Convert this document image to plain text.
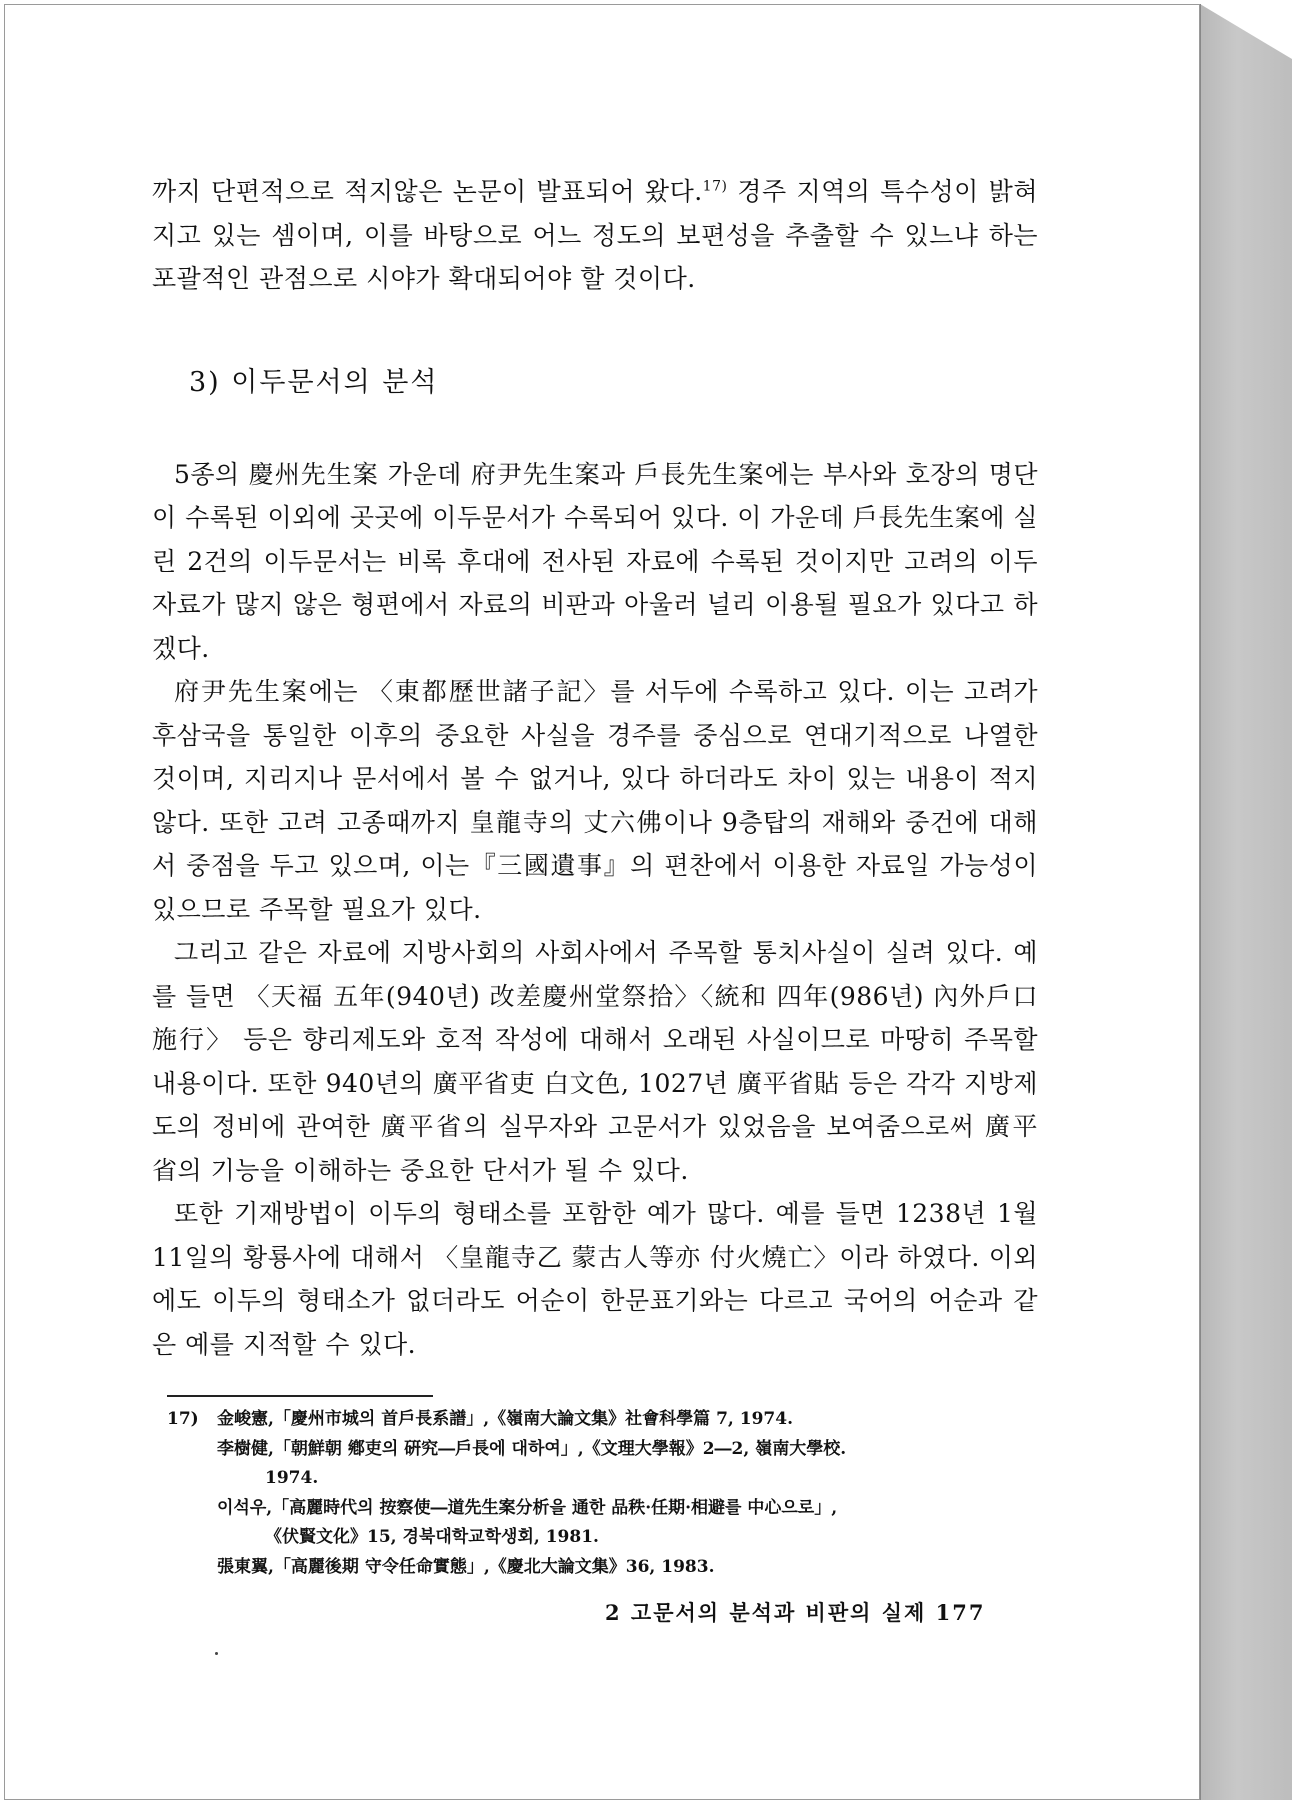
까지 단편적으로 적지않은 논문이 발표되어 왔다.$^{17)}$ 경주 지역의 특수성이 밝혀지고 있는 셈이며, 이를 바탕으로 어느 정도의 보편성을 추출할 수 있느냐 하는 포괄적인 관점으로 시야가 확대되어야 할 것이다.

3) 이두문서의 분석

5종의 慶州先生案 가운데 府尹先生案과 戶長先生案에는 부사와 호장의 명단이 수록된 이외에 곳곳에 이두문서가 수록되어 있다. 이 가운데 戶長先生案에 실린 2건의 이두문서는 비록 후대에 전사된 자료에 수록된 것이지만 고려의 이두자료가 많지 않은 형편에서 자료의 비판과 아울러 널리 이용될 필요가 있다고 하겠다.

府尹先生案에는 〈東都歷世諸子記〉를 서두에 수록하고 있다. 이는 고려가 후삼국을 통일한 이후의 중요한 사실을 경주를 중심으로 연대기적으로 나열한 것이며, 지리지나 문서에서 볼 수 없거나, 있다 하더라도 차이 있는 내용이 적지 않다. 또한 고려 고종때까지 皇龍寺의 丈六佛이나 9층탑의 재해와 중건에 대해서 중점을 두고 있으며, 이는『三國遺事』의 편찬에서 이용한 자료일 가능성이 있으므로 주목할 필요가 있다.

그리고 같은 자료에 지방사회의 사회사에서 주목할 통치사실이 실려 있다. 예를 들면 〈天福 五年(940년) 改差慶州堂祭拾〉〈統和 四年(986년) 內外戶口施行〉 등은 향리제도와 호적 작성에 대해서 오래된 사실이므로 마땅히 주목할 내용이다. 또한 940년의 廣平省吏 白文色, 1027년 廣平省貼 등은 각각 지방제도의 정비에 관여한 廣平省의 실무자와 고문서가 있었음을 보여줌으로써 廣平省의 기능을 이해하는 중요한 단서가 될 수 있다.

또한 기재방법이 이두의 형태소를 포함한 예가 많다. 예를 들면 1238년 1월 11일의 황룡사에 대해서 〈皇龍寺乙 蒙古人等亦 付火燒亡〉이라 하였다. 이외에도 이두의 형태소가 없더라도 어순이 한문표기와는 다르고 국어의 어순과 같은 예를 지적할 수 있다.

17)	金峻憲,「慶州市城의 首戶長系譜」,《嶺南大論文集》社會科學篇 7, 1974.
李樹健,「朝鮮朝 鄕吏의 硏究―戶長에 대하여」,《文理大學報》2―2, 嶺南大學校.
1974.
이석우,「高麗時代의 按察使―道先生案分析을 通한 品秩·任期·相避를 中心으로」,
《伏賢文化》15, 경북대학교학생회, 1981.
張東翼,「高麗後期 守令任命實態」,《慶北大論文集》36, 1983.
2 고문서의 분석과 비판의 실제 177
